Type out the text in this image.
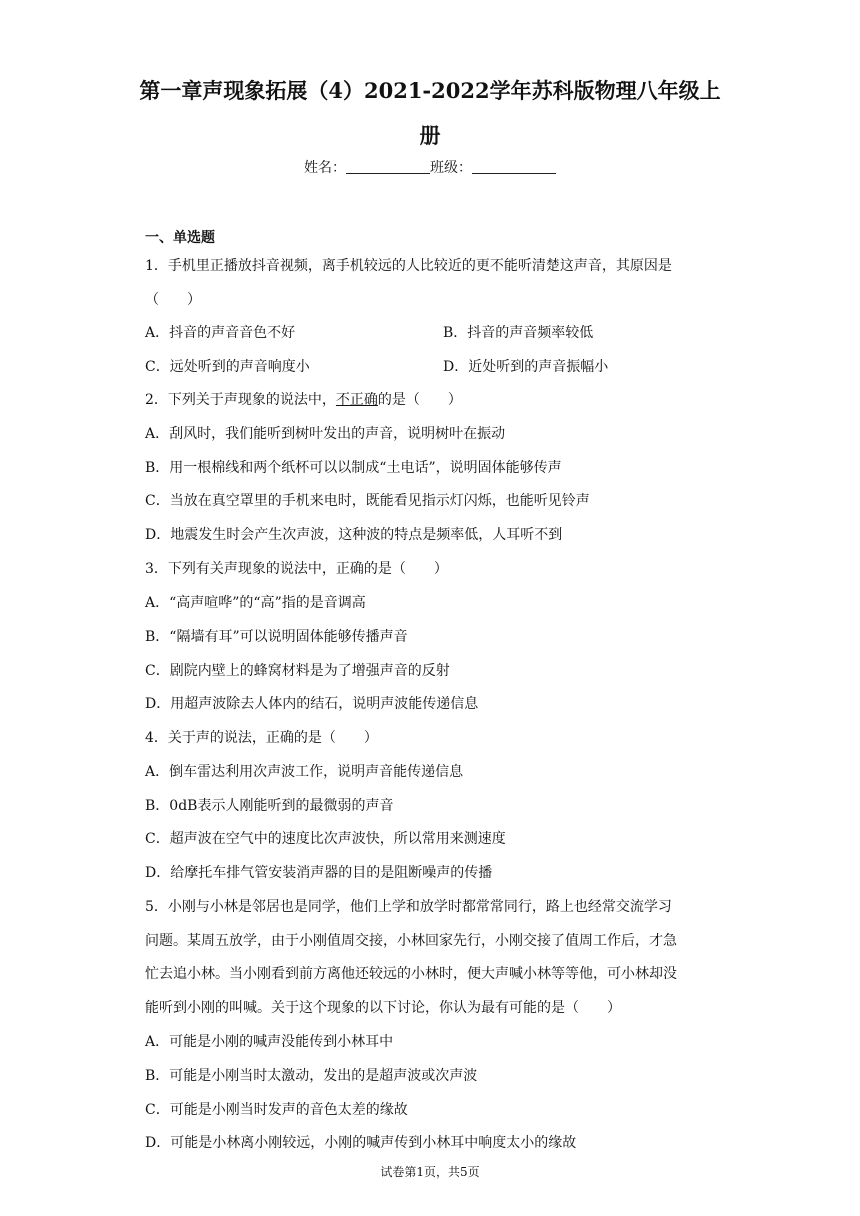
第一章声现象拓展（4）2021-2022学年苏科版物理八年级上
册
姓名：	班级：
一、单选题
1．手机里正播放抖音视频，离手机较远的人比较近的更不能听清楚这声音，其原因是
（　　）
A．抖音的声音音色不好	B．抖音的声音频率较低
C．远处听到的声音响度小	D．近处听到的声音振幅小
2．下列关于声现象的说法中，不正确的是（　　）
A．刮风时，我们能听到树叶发出的声音，说明树叶在振动
B．用一根棉线和两个纸杯可以以制成“土电话”，说明固体能够传声
C．当放在真空罩里的手机来电时，既能看见指示灯闪烁，也能听见铃声
D．地震发生时会产生次声波，这种波的特点是频率低，人耳听不到
3．下列有关声现象的说法中，正确的是（　　）
A．“高声喧哗”的“高”指的是音调高
B．“隔墙有耳”可以说明固体能够传播声音
C．剧院内壁上的蜂窝材料是为了增强声音的反射
D．用超声波除去人体内的结石，说明声波能传递信息
4．关于声的说法，正确的是（　　）
A．倒车雷达利用次声波工作，说明声音能传递信息
B．0dB表示人刚能听到的最微弱的声音
C．超声波在空气中的速度比次声波快，所以常用来测速度
D．给摩托车排气管安装消声器的目的是阻断噪声的传播
5．小刚与小林是邻居也是同学，他们上学和放学时都常常同行，路上也经常交流学习
问题。某周五放学，由于小刚值周交接，小林回家先行，小刚交接了值周工作后，才急
忙去追小林。当小刚看到前方离他还较远的小林时，便大声喊小林等等他，可小林却没
能听到小刚的叫喊。关于这个现象的以下讨论，你认为最有可能的是（　　）
A．可能是小刚的喊声没能传到小林耳中
B．可能是小刚当时太激动，发出的是超声波或次声波
C．可能是小刚当时发声的音色太差的缘故
D．可能是小林离小刚较远，小刚的喊声传到小林耳中响度太小的缘故
试卷第1页，共5页
